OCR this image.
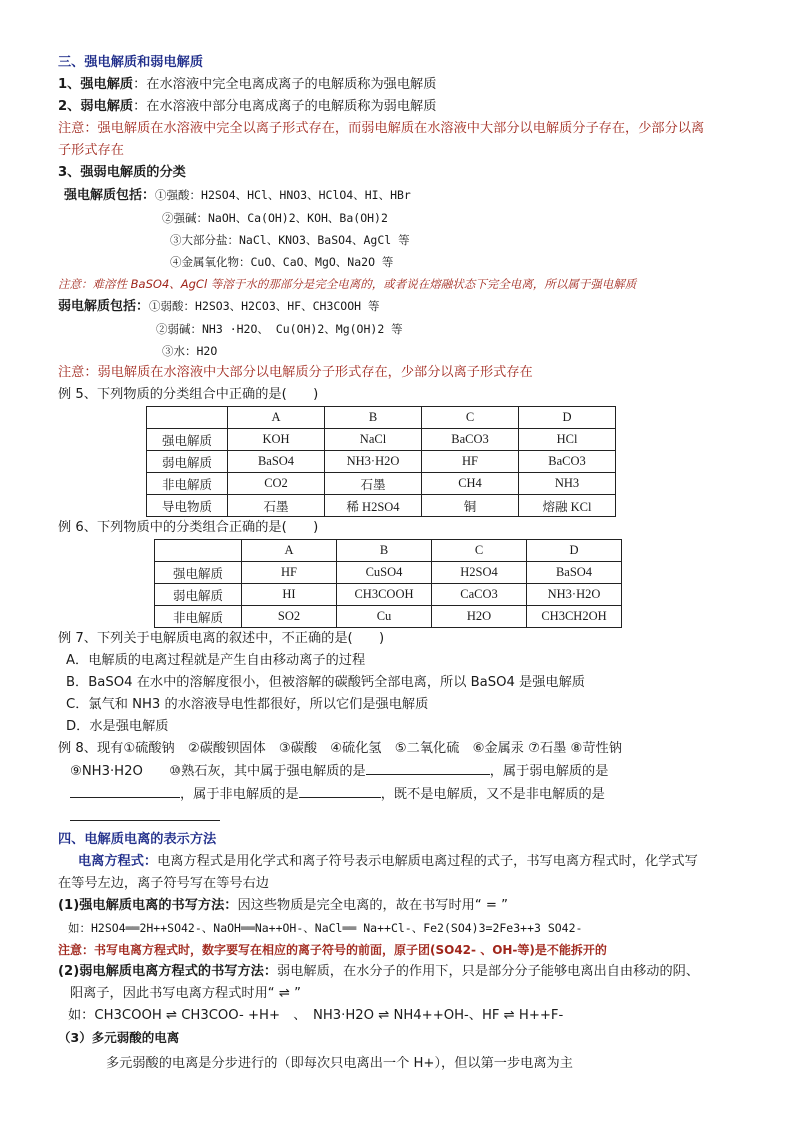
三、强电解质和弱电解质
1、强电解质：在水溶液中完全电离成离子的电解质称为强电解质
2、弱电解质：在水溶液中部分电离成离子的电解质称为弱电解质
注意：强电解质在水溶液中完全以离子形式存在，而弱电解质在水溶液中大部分以电解质分子存在，少部分以离
子形式存在
3、强弱电解质的分类
强电解质包括：①强酸：H2SO4、HCl、HNO3、HClO4、HI、HBr
②强碱：NaOH、Ca(OH)2、KOH、Ba(OH)2
③大部分盐：NaCl、KNO3、BaSO4、AgCl 等
④金属氧化物：CuO、CaO、MgO、Na2O 等
注意：难溶性 BaSO4、AgCl 等溶于水的那部分是完全电离的，或者说在熔融状态下完全电离，所以属于强电解质
弱电解质包括：①弱酸：H2SO3、H2CO3、HF、CH3COOH 等
②弱碱：NH3 ·H2O、 Cu(OH)2、Mg(OH)2 等
③水：H2O
注意：弱电解质在水溶液中大部分以电解质分子形式存在，少部分以离子形式存在
例 5、下列物质的分类组合中正确的是(　　)
	A	B	C	D
强电解质	KOH	NaCl	BaCO3	HCl
弱电解质	BaSO4	NH3·H2O	HF	BaCO3
非电解质	CO2	石墨	CH4	NH3
导电物质	石墨	稀 H2SO4	铜	熔融 KCl
例 6、下列物质中的分类组合正确的是(　　)
	A	B	C	D
强电解质	HF	CuSO4	H2SO4	BaSO4
弱电解质	HI	CH3COOH	CaCO3	NH3·H2O
非电解质	SO2	Cu	H2O	CH3CH2OH
例 7、下列关于电解质电离的叙述中，不正确的是(　　)
A．电解质的电离过程就是产生自由移动离子的过程
B．BaSO4 在水中的溶解度很小，但被溶解的碳酸钙全部电离，所以 BaSO4 是强电解质
C．氯气和 NH3 的水溶液导电性都很好，所以它们是强电解质
D．水是强电解质
例 8、现有①硫酸钠　②碳酸钡固体　③碳酸　④硫化氢　⑤二氧化硫　⑥金属汞 ⑦石墨 ⑧苛性钠
⑨NH3·H2O　　⑩熟石灰，其中属于强电解质的是	，属于弱电解质的是
，属于非电解质的是	，既不是电解质，又不是非电解质的是
四、电解质电离的表示方法
电离方程式：电离方程式是用化学式和离子符号表示电解质电离过程的式子，书写电离方程式时，化学式写
在等号左边，离子符号写在等号右边
(1)强电解质电离的书写方法：因这些物质是完全电离的，故在书写时用“ = ”
如：H2SO4══2H++SO42-、NaOH══Na++OH-、NaCl══ Na++Cl-、Fe2(SO4)3=2Fe3++3 SO42-
注意：书写电离方程式时，数字要写在相应的离子符号的前面，原子团(SO42- 、OH-等)是不能拆开的
(2)弱电解质电离方程式的书写方法：弱电解质，在水分子的作用下，只是部分分子能够电离出自由移动的阴、
阳离子，因此书写电离方程式时用“ ⇌ ”
如：CH3COOH ⇌ CH3COO- +H+　、　NH3·H2O ⇌ NH4++OH-、HF ⇌ H++F-
（3）多元弱酸的电离
多元弱酸的电离是分步进行的（即每次只电离出一个 H+），但以第一步电离为主
